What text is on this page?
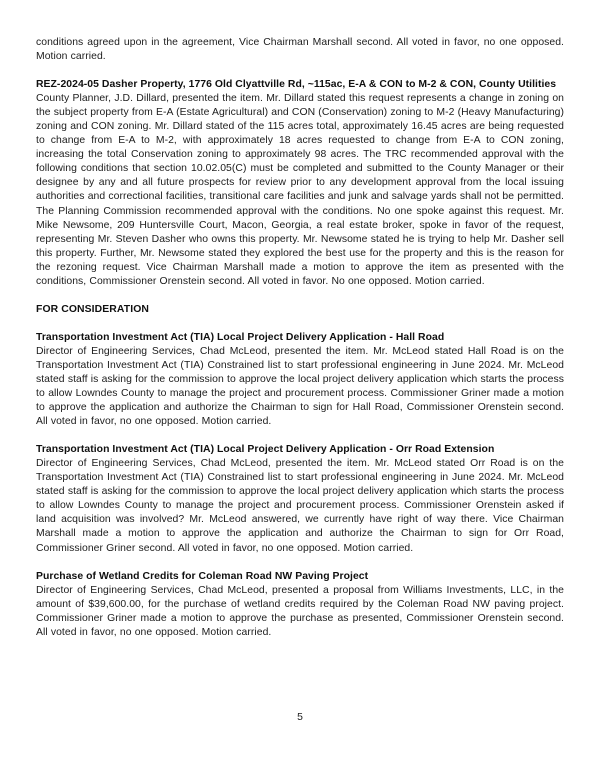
conditions agreed upon in the agreement, Vice Chairman Marshall second. All voted in favor, no one opposed. Motion carried.

REZ-2024-05 Dasher Property, 1776 Old Clyattville Rd, ~115ac, E-A & CON to M-2 & CON, County Utilities

County Planner, J.D. Dillard, presented the item. Mr. Dillard stated this request represents a change in zoning on the subject property from E-A (Estate Agricultural) and CON (Conservation) zoning to M-2 (Heavy Manufacturing) zoning and CON zoning. Mr. Dillard stated of the 115 acres total, approximately 16.45 acres are being requested to change from E-A to M-2, with approximately 18 acres requested to change from E-A to CON zoning, increasing the total Conservation zoning to approximately 98 acres. The TRC recommended approval with the following conditions that section 10.02.05(C) must be completed and submitted to the County Manager or their designee by any and all future prospects for review prior to any development approval from the local issuing authorities and correctional facilities, transitional care facilities and junk and salvage yards shall not be permitted. The Planning Commission recommended approval with the conditions. No one spoke against this request. Mr. Mike Newsome, 209 Huntersville Court, Macon, Georgia, a real estate broker, spoke in favor of the request, representing Mr. Steven Dasher who owns this property. Mr. Newsome stated he is trying to help Mr. Dasher sell this property. Further, Mr. Newsome stated they explored the best use for the property and this is the reason for the rezoning request. Vice Chairman Marshall made a motion to approve the item as presented with the conditions, Commissioner Orenstein second. All voted in favor. No one opposed. Motion carried.

FOR CONSIDERATION
Transportation Investment Act (TIA) Local Project Delivery Application - Hall Road

Director of Engineering Services, Chad McLeod, presented the item. Mr. McLeod stated Hall Road is on the Transportation Investment Act (TIA) Constrained list to start professional engineering in June 2024. Mr. McLeod stated staff is asking for the commission to approve the local project delivery application which starts the process to allow Lowndes County to manage the project and procurement process. Commissioner Griner made a motion to approve the application and authorize the Chairman to sign for Hall Road, Commissioner Orenstein second. All voted in favor, no one opposed. Motion carried.

Transportation Investment Act (TIA) Local Project Delivery Application - Orr Road Extension

Director of Engineering Services, Chad McLeod, presented the item. Mr. McLeod stated Orr Road is on the Transportation Investment Act (TIA) Constrained list to start professional engineering in June 2024. Mr. McLeod stated staff is asking for the commission to approve the local project delivery application which starts the process to allow Lowndes County to manage the project and procurement process. Commissioner Orenstein asked if land acquisition was involved? Mr. McLeod answered, we currently have right of way there. Vice Chairman Marshall made a motion to approve the application and authorize the Chairman to sign for Orr Road, Commissioner Griner second. All voted in favor, no one opposed. Motion carried.

Purchase of Wetland Credits for Coleman Road NW Paving Project

Director of Engineering Services, Chad McLeod, presented a proposal from Williams Investments, LLC, in the amount of $39,600.00, for the purchase of wetland credits required by the Coleman Road NW paving project. Commissioner Griner made a motion to approve the purchase as presented, Commissioner Orenstein second. All voted in favor, no one opposed. Motion carried.

5
